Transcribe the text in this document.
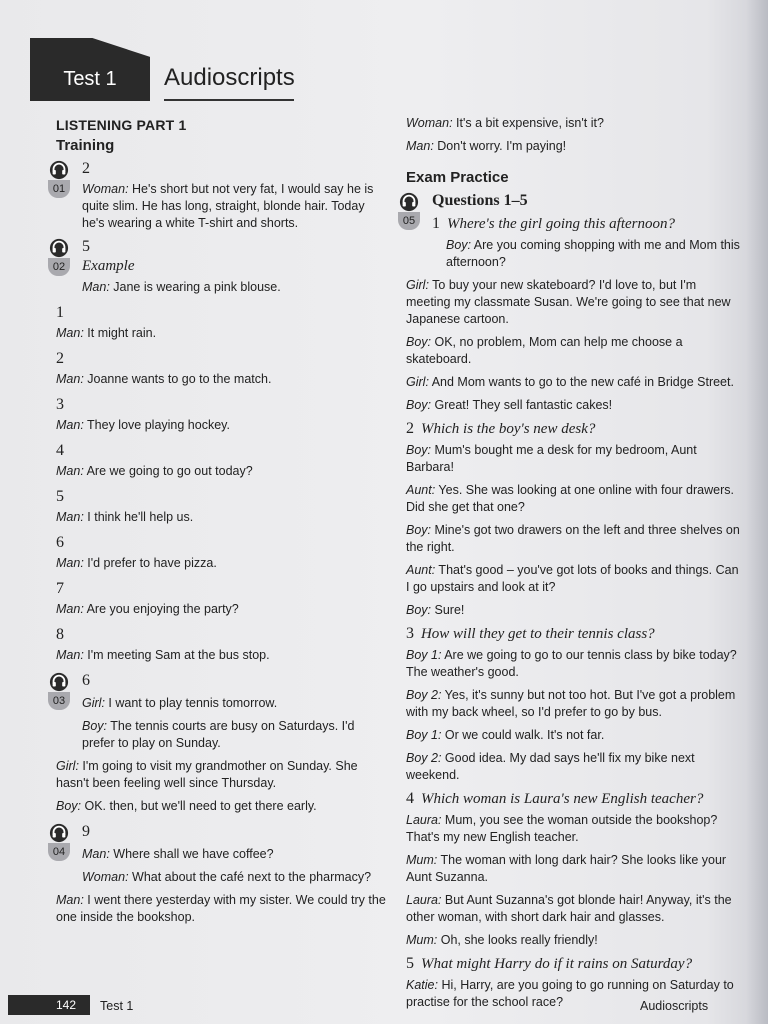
Test 1	Audioscripts
LISTENING PART 1
Training
01
2
Woman: He's short but not very fat, I would say he is quite slim. He has long, straight, blonde hair. Today he's wearing a white T-shirt and shorts.
02
5
Example
Man: Jane is wearing a pink blouse.
1
Man: It might rain.
2
Man: Joanne wants to go to the match.
3
Man: They love playing hockey.
4
Man: Are we going to go out today?
5
Man: I think he'll help us.
6
Man: I'd prefer to have pizza.
7
Man: Are you enjoying the party?
8
Man: I'm meeting Sam at the bus stop.
03
6
Girl: I want to play tennis tomorrow.
Boy: The tennis courts are busy on Saturdays. I'd prefer to play on Sunday.
Girl: I'm going to visit my grandmother on Sunday. She hasn't been feeling well since Thursday.
Boy: OK. then, but we'll need to get there early.
04
9
Man: Where shall we have coffee?
Woman: What about the café next to the pharmacy?
Man: I went there yesterday with my sister. We could try the one inside the bookshop.
Woman: It's a bit expensive, isn't it?
Man: Don't worry. I'm paying!
Exam Practice
05
Questions 1–5
1 Where's the girl going this afternoon?
Boy: Are you coming shopping with me and Mom this afternoon?
Girl: To buy your new skateboard? I'd love to, but I'm meeting my classmate Susan. We're going to see that new Japanese cartoon.
Boy: OK, no problem, Mom can help me choose a skateboard.
Girl: And Mom wants to go to the new café in Bridge Street.
Boy: Great! They sell fantastic cakes!
2 Which is the boy's new desk?
Boy: Mum's bought me a desk for my bedroom, Aunt Barbara!
Aunt: Yes. She was looking at one online with four drawers. Did she get that one?
Boy: Mine's got two drawers on the left and three shelves on the right.
Aunt: That's good – you've got lots of books and things. Can I go upstairs and look at it?
Boy: Sure!
3 How will they get to their tennis class?
Boy 1: Are we going to go to our tennis class by bike today? The weather's good.
Boy 2: Yes, it's sunny but not too hot. But I've got a problem with my back wheel, so I'd prefer to go by bus.
Boy 1: Or we could walk. It's not far.
Boy 2: Good idea. My dad says he'll fix my bike next weekend.
4 Which woman is Laura's new English teacher?
Laura: Mum, you see the woman outside the bookshop? That's my new English teacher.
Mum: The woman with long dark hair? She looks like your Aunt Suzanna.
Laura: But Aunt Suzanna's got blonde hair! Anyway, it's the other woman, with short dark hair and glasses.
Mum: Oh, she looks really friendly!
5 What might Harry do if it rains on Saturday?
Katie: Hi, Harry, are you going to go running on Saturday to practise for the school race?
142	Test 1	Audioscripts
